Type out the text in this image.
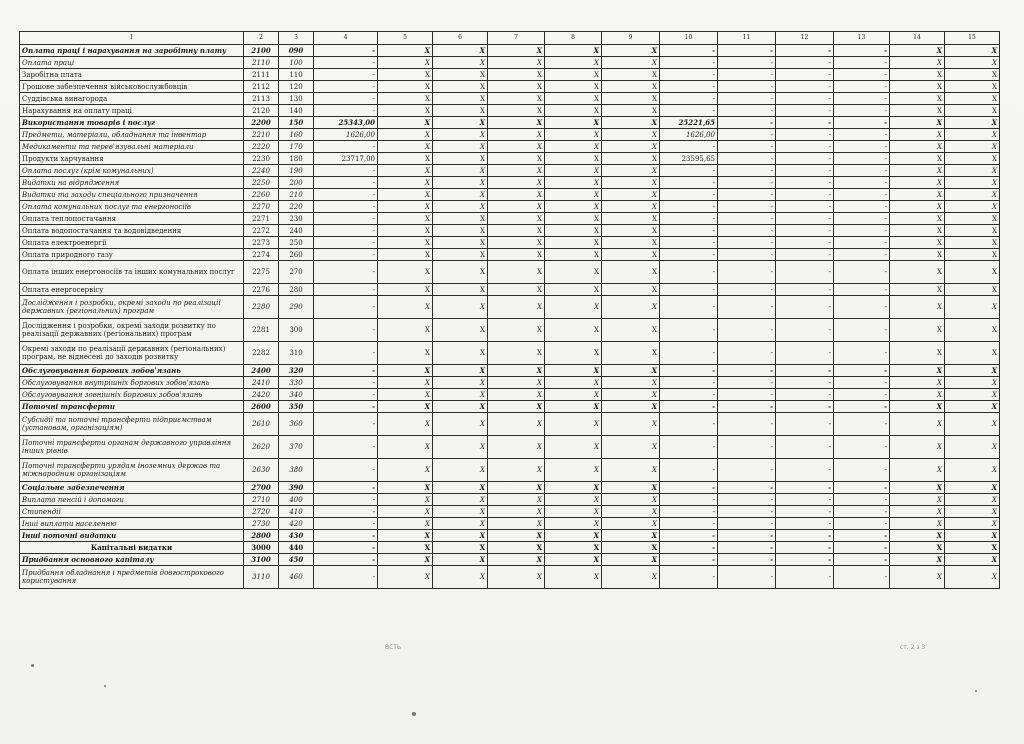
1	2	3	4	5	6	7	8	9	10	11	12	13	14	15
Оплата праці і нарахування на заробітну плату	2100	090	-	X	X	X	X	X	-	-	-	-	X	X
Оплата праці	2110	100	-	X	X	X	X	X	-	-	-	-	X	X
Заробітна плата	2111	110	-	X	X	X	X	X	-	-	-	-	X	X
Грошове забезпечення військовослужбовців	2112	120	-	X	X	X	X	X	-	-	-	-	X	X
Суддівська винагорода	2113	130	-	X	X	X	X	X	-	-	-	-	X	X
Нарахування на оплату праці	2120	140	-	X	X	X	X	X	-	-	-	-	X	X
Використання товарів і послуг	2200	150	25343,00	X	X	X	X	X	25221,65	-	-	-	X	X
Предмети, матеріали, обладнання та інвентар	2210	160	1626,00	X	X	X	X	X	1626,00	-	-	-	X	X
Медикаменти та перев'язувальні матеріали	2220	170	-	X	X	X	X	X	-	-	-	-	X	X
Продукти харчування	2230	180	23717,00	X	X	X	X	X	23595,65	-	-	-	X	X
Оплата послуг (крім комунальних)	2240	190	-	X	X	X	X	X	-	-	-	-	X	X
Видатки на відрядження	2250	200	-	X	X	X	X	X	-	-	-	-	X	X
Видатки та заходи спеціального призначення	2260	210	-	X	X	X	X	X	-	-	-	-	X	X
Оплата комунальних послуг та енергоносіїв	2270	220	-	X	X	X	X	X	-	-	-	-	X	X
Оплата теплопостачання	2271	230	-	X	X	X	X	X	-	-	-	-	X	X
Оплата водопостачання та водовідведення	2272	240	-	X	X	X	X	X	-	-	-	-	X	X
Оплата електроенергії	2273	250	-	X	X	X	X	X	-	-	-	-	X	X
Оплата природного газу	2274	260	-	X	X	X	X	X	-	-	-	-	X	X
Оплата інших енергоносіїв та інших комунальних послуг	2275	270	-	X	X	X	X	X	-	-	-	-	X	X
Оплата енергосервісу	2276	280	-	X	X	X	X	X	-	-	-	-	X	X
Дослідження і розробки, окремі заходи по реалізації державних (регіональних) програм	2280	290	-	X	X	X	X	X	-	-	-	-	X	X
Дослідження і розробки, окремі заходи розвитку по реалізації державних (регіональних) програм	2281	300	-	X	X	X	X	X	-	-	-	-	X	X
Окремі заходи по реалізації державних (регіональних) програм, не віднесені до заходів розвитку	2282	310	-	X	X	X	X	X	-	-	-	-	X	X
Обслуговування боргових зобов'язань	2400	320	-	X	X	X	X	X	-	-	-	-	X	X
Обслуговування внутрішніх боргових зобов'язань	2410	330	-	X	X	X	X	X	-	-	-	-	X	X
Обслуговування зовнішніх боргових зобов'язань	2420	340	-	X	X	X	X	X	-	-	-	-	X	X
Поточні трансферти	2600	350	-	X	X	X	X	X	-	-	-	-	X	X
Субсидії та поточні трансферти підприємствам (установам, організаціям)	2610	360	-	X	X	X	X	X	-	-	-	-	X	X
Поточні трансферти органам державного управління інших рівнів	2620	370	-	X	X	X	X	X	-	-	-	-	X	X
Поточні трансферти урядам іноземних держав та міжнародним організаціям	2630	380	-	X	X	X	X	X	-	-	-	-	X	X
Соціальне забезпечення	2700	390	-	X	X	X	X	X	-	-	-	-	X	X
Виплата пенсій і допомоги	2710	400	-	X	X	X	X	X	-	-	-	-	X	X
Стипендії	2720	410	-	X	X	X	X	X	-	-	-	-	X	X
Інші виплати населенню	2730	420	-	X	X	X	X	X	-	-	-	-	X	X
Інші поточні видатки	2800	430	-	X	X	X	X	X	-	-	-	-	X	X
Капітальні видатки	3000	440	-	X	X	X	X	X	-	-	-	-	X	X
Придбання основного капіталу	3100	450	-	X	X	X	X	X	-	-	-	-	X	X
Придбання обладнання і предметів довгострокового користування	3110	460	-	X	X	X	X	X	-	-	-	-	X	X
ВСТЬ	ст. 2 з 3
